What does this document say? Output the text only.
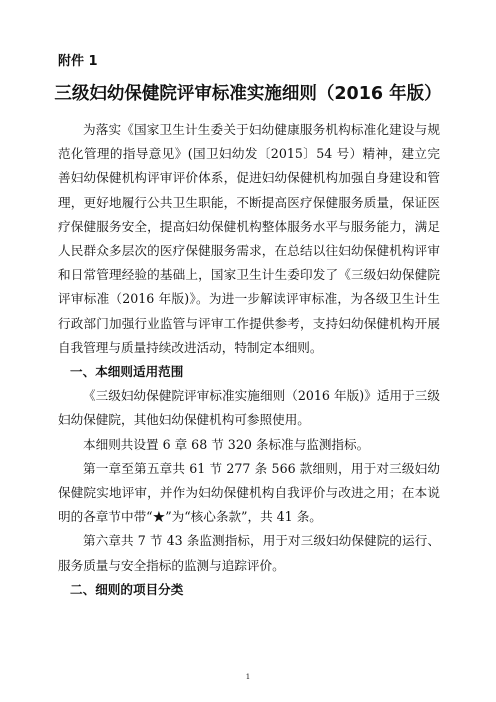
附件 1

三级妇幼保健院评审标准实施细则（2016 年版）

为落实《国家卫生计生委关于妇幼健康服务机构标准化建设与规范化管理的指导意见》(国卫妇幼发〔2015〕54 号）精神，建立完善妇幼保健机构评审评价体系，促进妇幼保健机构加强自身建设和管理，更好地履行公共卫生职能，不断提高医疗保健服务质量，保证医疗保健服务安全，提高妇幼保健机构整体服务水平与服务能力，满足人民群众多层次的医疗保健服务需求，在总结以往妇幼保健机构评审和日常管理经验的基础上，国家卫生计生委印发了《三级妇幼保健院评审标准（2016 年版)》。为进一步解读评审标准，为各级卫生计生行政部门加强行业监管与评审工作提供参考，支持妇幼保健机构开展自我管理与质量持续改进活动，特制定本细则。

一、本细则适用范围

《三级妇幼保健院评审标准实施细则（2016 年版)》适用于三级妇幼保健院，其他妇幼保健机构可参照使用。

本细则共设置 6 章 68 节 320 条标准与监测指标。

第一章至第五章共 61 节 277 条 566 款细则，用于对三级妇幼保健院实地评审，并作为妇幼保健机构自我评价与改进之用；在本说明的各章节中带“★”为“核心条款”，共 41 条。

第六章共 7 节 43 条监测指标，用于对三级妇幼保健院的运行、服务质量与安全指标的监测与追踪评价。

二、细则的项目分类

1
